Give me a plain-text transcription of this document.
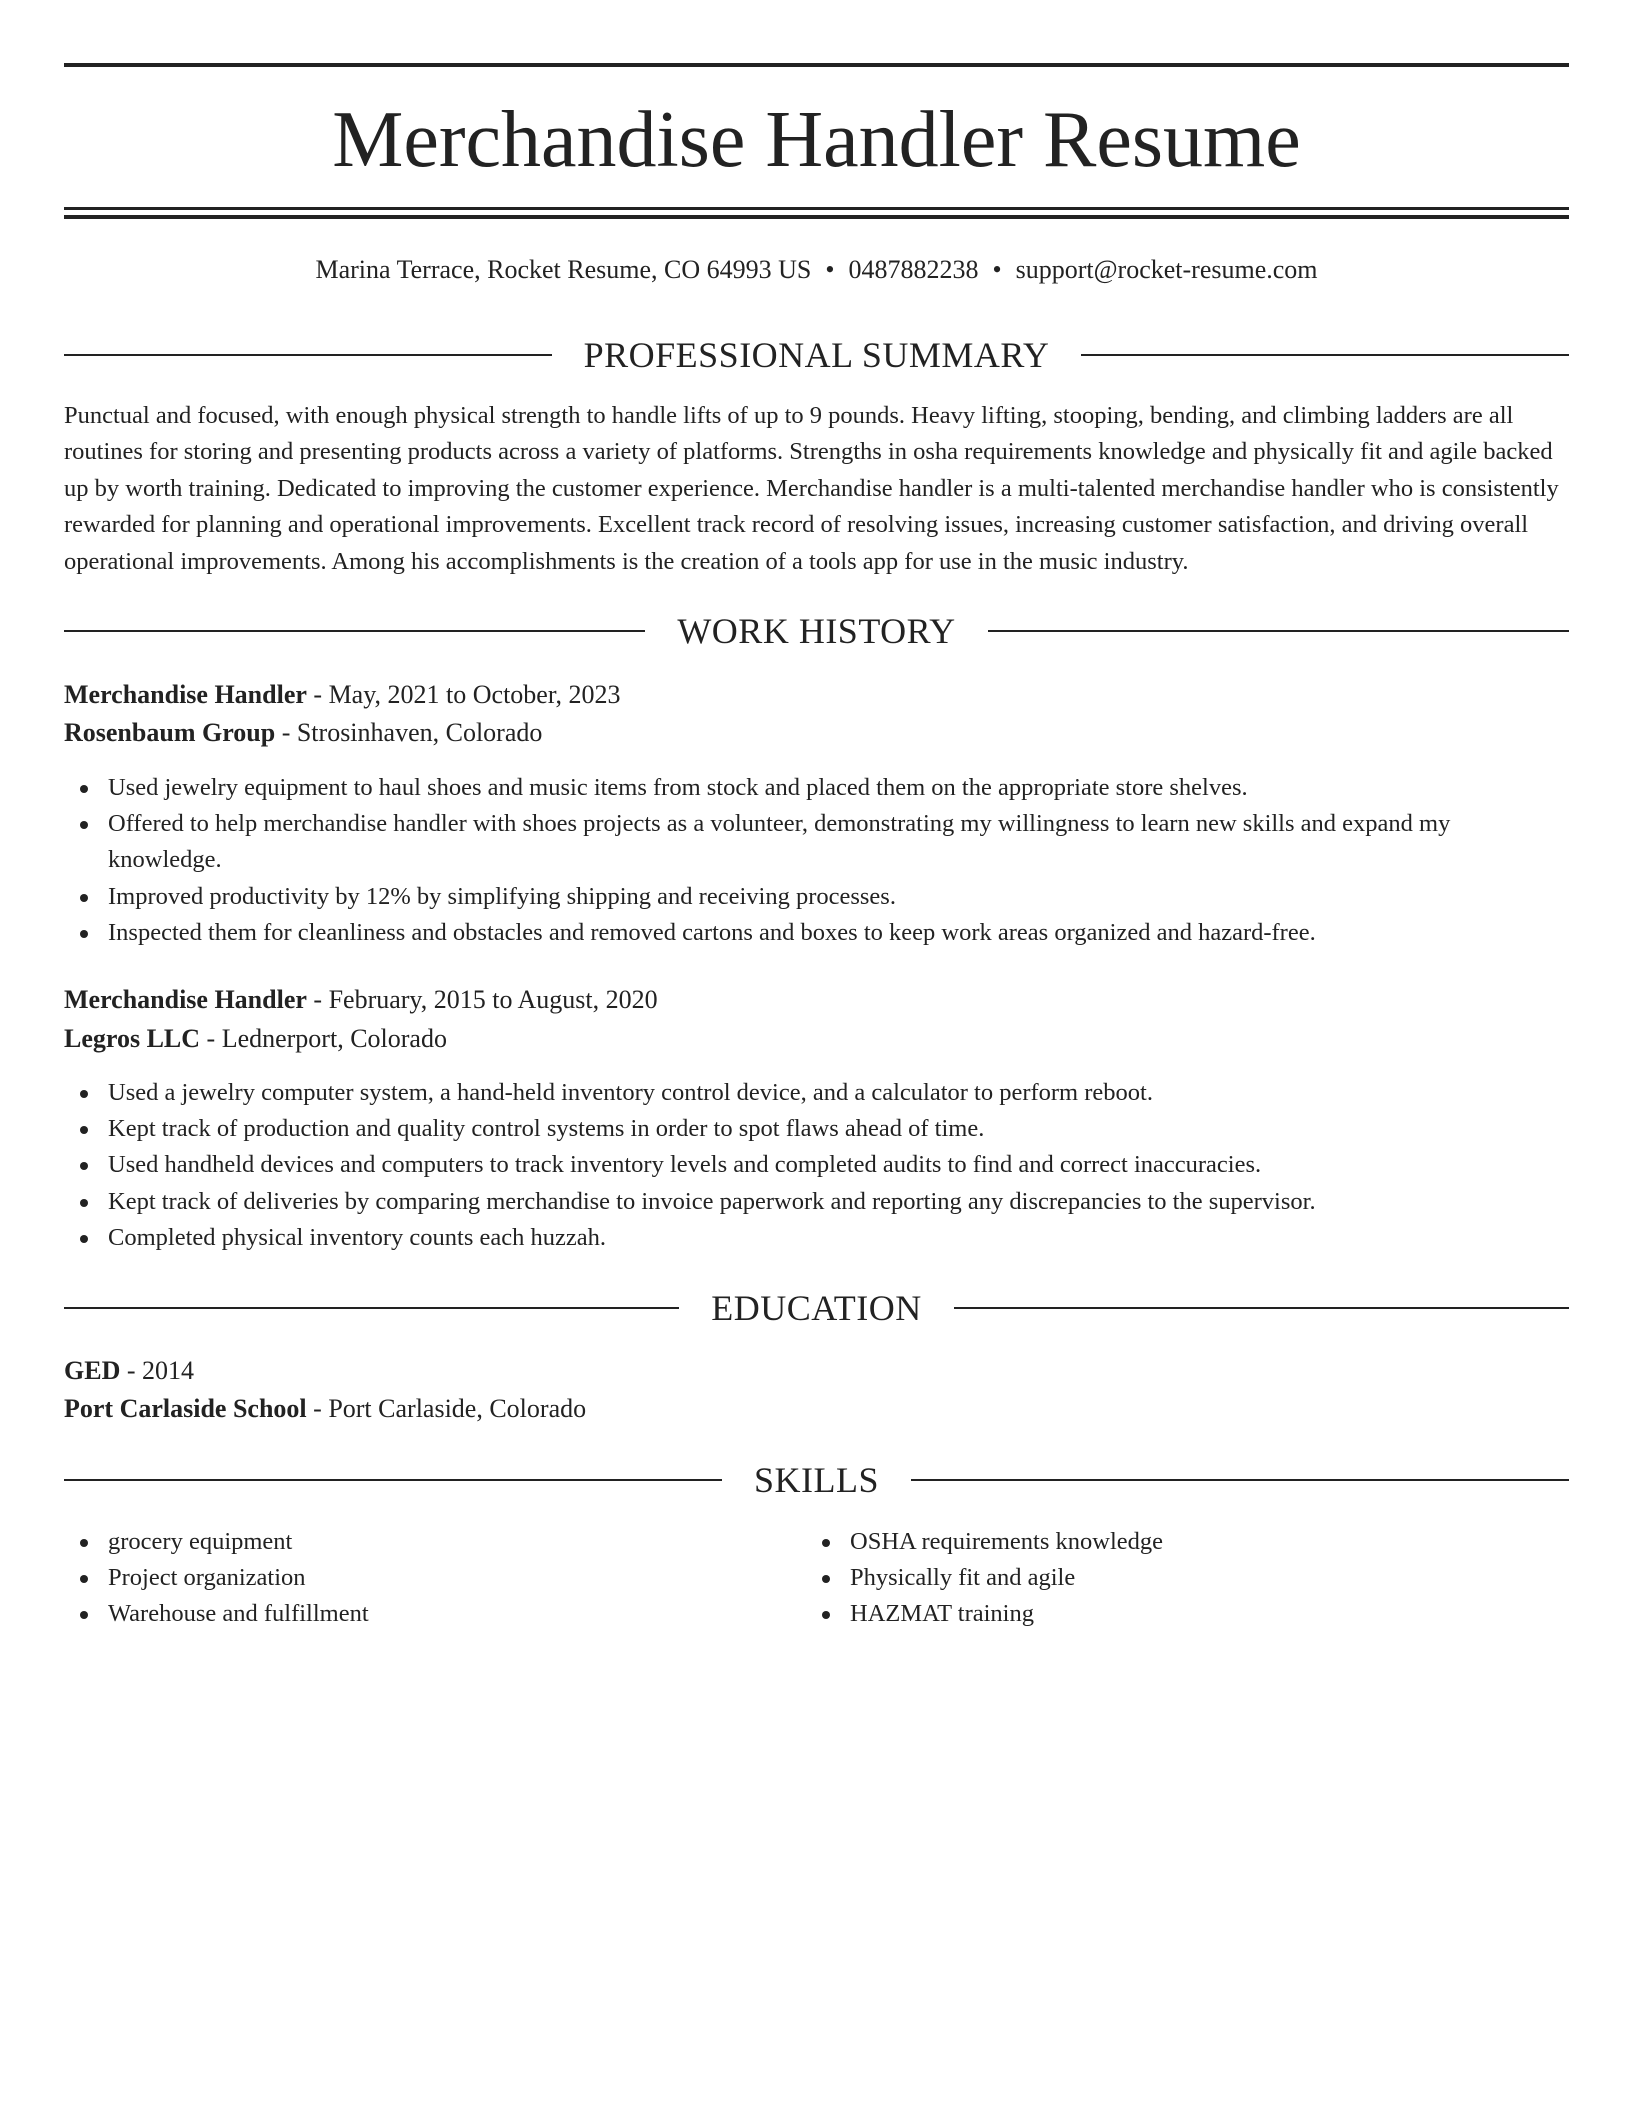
Merchandise Handler Resume
Marina Terrace, Rocket Resume, CO 64993 US • 0487882238 • support@rocket-resume.com
PROFESSIONAL SUMMARY

Punctual and focused, with enough physical strength to handle lifts of up to 9 pounds. Heavy lifting, stooping, bending, and climbing ladders are all routines for storing and presenting products across a variety of platforms. Strengths in osha requirements knowledge and physically fit and agile backed up by worth training. Dedicated to improving the customer experience. Merchandise handler is a multi-talented merchandise handler who is consistently rewarded for planning and operational improvements. Excellent track record of resolving issues, increasing customer satisfaction, and driving overall operational improvements. Among his accomplishments is the creation of a tools app for use in the music industry.

WORK HISTORY
Merchandise Handler - May, 2021 to October, 2023
Rosenbaum Group - Strosinhaven, Colorado
Used jewelry equipment to haul shoes and music items from stock and placed them on the appropriate store shelves.
Offered to help merchandise handler with shoes projects as a volunteer, demonstrating my willingness to learn new skills and expand my knowledge.
Improved productivity by 12% by simplifying shipping and receiving processes.
Inspected them for cleanliness and obstacles and removed cartons and boxes to keep work areas organized and hazard-free.
Merchandise Handler - February, 2015 to August, 2020
Legros LLC - Lednerport, Colorado
Used a jewelry computer system, a hand-held inventory control device, and a calculator to perform reboot.
Kept track of production and quality control systems in order to spot flaws ahead of time.
Used handheld devices and computers to track inventory levels and completed audits to find and correct inaccuracies.
Kept track of deliveries by comparing merchandise to invoice paperwork and reporting any discrepancies to the supervisor.
Completed physical inventory counts each huzzah.
EDUCATION
GED - 2014
Port Carlaside School - Port Carlaside, Colorado
SKILLS
grocery equipment
Project organization
Warehouse and fulfillment
OSHA requirements knowledge
Physically fit and agile
HAZMAT training
